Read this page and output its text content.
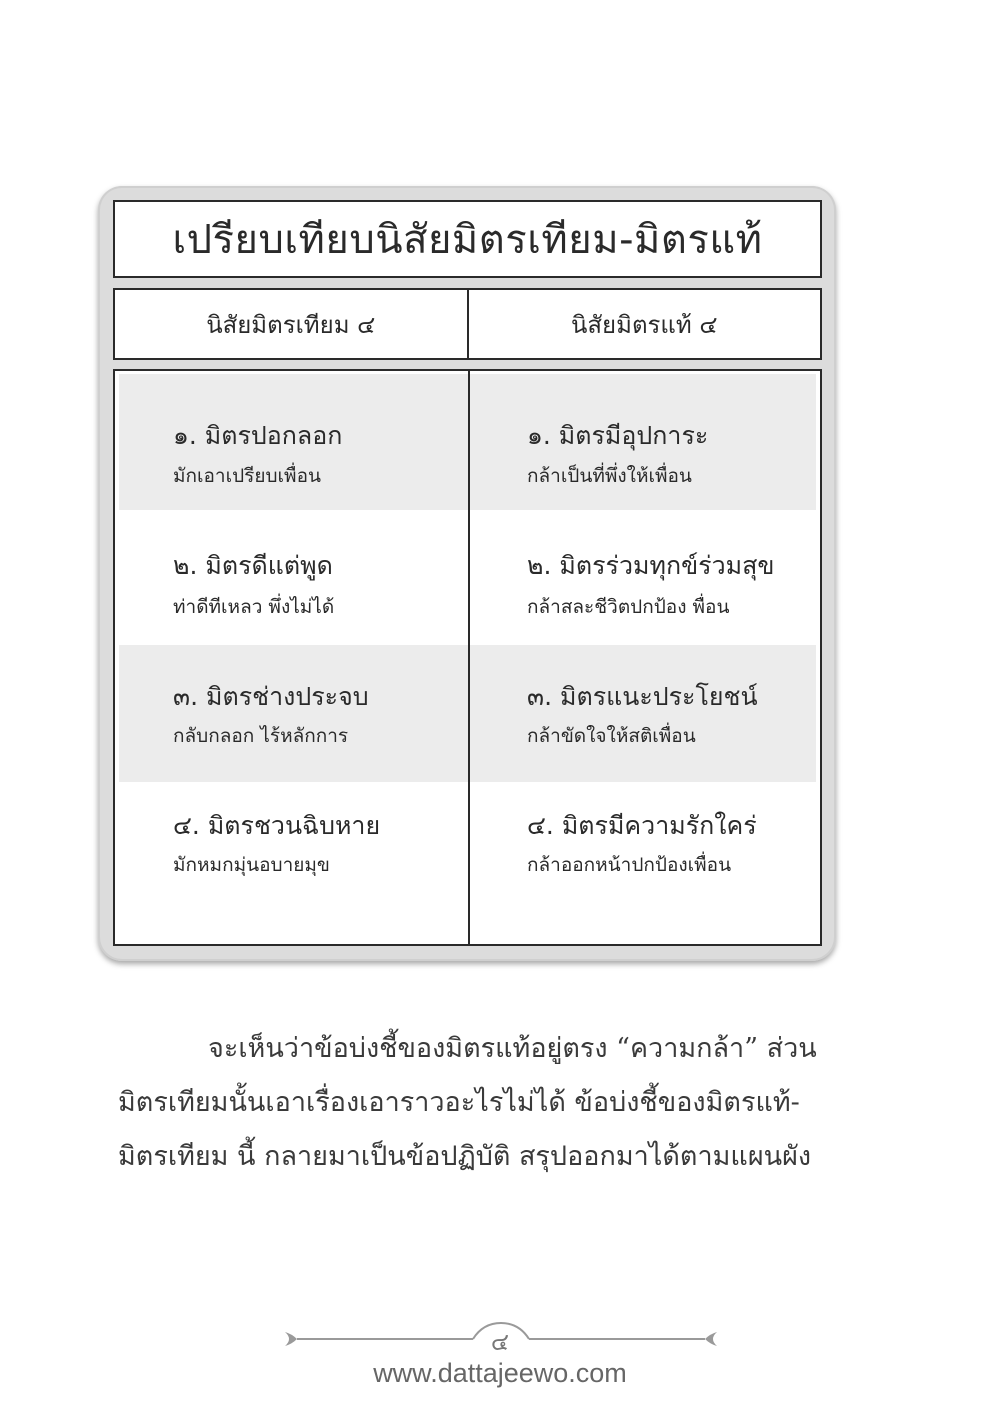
เปรียบเทียบนิสัยมิตรเทียม-มิตรแท้
นิสัยมิตรเทียม ๔	นิสัยมิตรแท้ ๔
๑. มิตรปอกลอก
มักเอาเปรียบเพื่อน
๑. มิตรมีอุปการะ
กล้าเป็นที่พึ่งให้เพื่อน
๒. มิตรดีแต่พูด
ท่าดีทีเหลว พึ่งไม่ได้
๒. มิตรร่วมทุกข์ร่วมสุข
กล้าสละชีวิตปกป้อง พื่อน
๓. มิตรช่างประจบ
กลับกลอก ไร้หลักการ
๓. มิตรแนะประโยชน์
กล้าขัดใจให้สติเพื่อน
๔. มิตรชวนฉิบหาย
มักหมกมุ่นอบายมุข
๔. มิตรมีความรักใคร่
กล้าออกหน้าปกป้องเพื่อน
จะเห็นว่าข้อบ่งชี้ของมิตรแท้อยู่ตรง “ความกล้า” ส่วน
มิตรเทียมนั้นเอาเรื่องเอาราวอะไรไม่ได้ ข้อบ่งชี้ของมิตรแท้-
มิตรเทียม นี้ กลายมาเป็นข้อปฏิบัติ สรุปออกมาได้ตามแผนผัง
๔
www.dattajeewo.com
